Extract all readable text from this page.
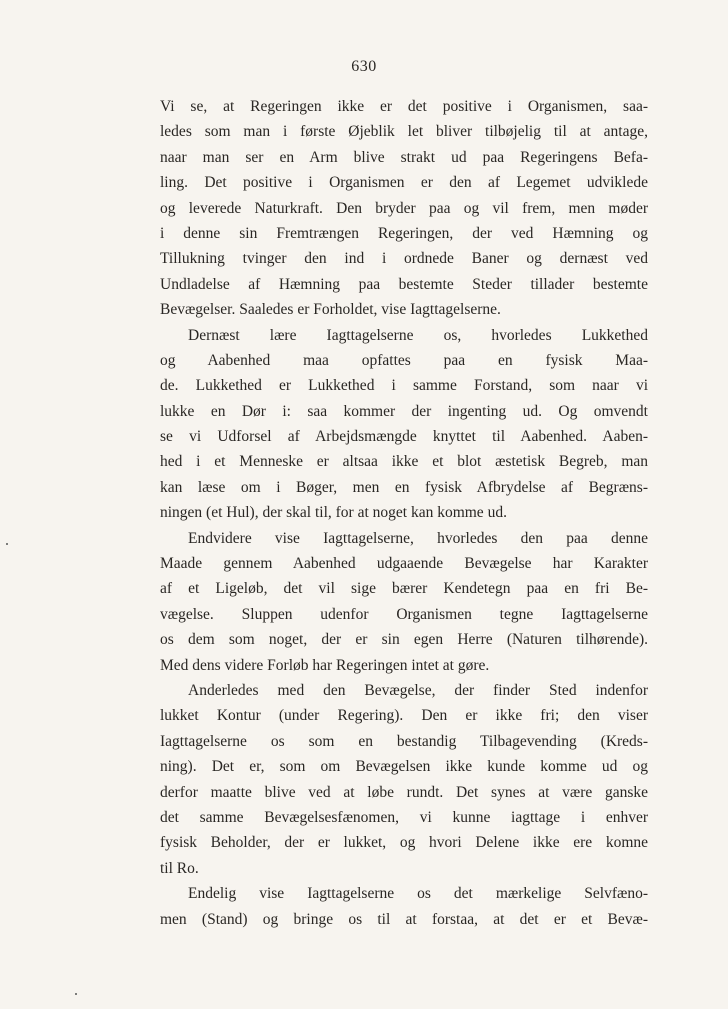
630
Vi se, at Regeringen ikke er det positive i Organismen, saa-
ledes som man i første Øjeblik let bliver tilbøjelig til at antage,
naar man ser en Arm blive strakt ud paa Regeringens Befa-
ling. Det positive i Organismen er den af Legemet udviklede
og leverede Naturkraft. Den bryder paa og vil frem, men møder
i denne sin Fremtrængen Regeringen, der ved Hæmning og
Tillukning tvinger den ind i ordnede Baner og dernæst ved
Undladelse af Hæmning paa bestemte Steder tillader bestemte
Bevægelser. Saaledes er Forholdet, vise Iagttagelserne.
Dernæst lære Iagttagelserne os, hvorledes Lukkethed
og Aabenhed maa opfattes paa en fysisk Maa-
de. Lukkethed er Lukkethed i samme Forstand, som naar vi
lukke en Dør i: saa kommer der ingenting ud. Og omvendt
se vi Udforsel af Arbejdsmængde knyttet til Aabenhed. Aaben-
hed i et Menneske er altsaa ikke et blot æstetisk Begreb, man
kan læse om i Bøger, men en fysisk Afbrydelse af Begræns-
ningen (et Hul), der skal til, for at noget kan komme ud.
Endvidere vise Iagttagelserne, hvorledes den paa denne
Maade gennem Aabenhed udgaaende Bevægelse har Karakter
af et Ligeløb, det vil sige bærer Kendetegn paa en fri Be-
vægelse. Sluppen udenfor Organismen tegne Iagttagelserne
os dem som noget, der er sin egen Herre (Naturen tilhørende).
Med dens videre Forløb har Regeringen intet at gøre.
Anderledes med den Bevægelse, der finder Sted indenfor
lukket Kontur (under Regering). Den er ikke fri; den viser
Iagttagelserne os som en bestandig Tilbagevending (Kreds-
ning). Det er, som om Bevægelsen ikke kunde komme ud og
derfor maatte blive ved at løbe rundt. Det synes at være ganske
det samme Bevægelsesfænomen, vi kunne iagttage i enhver
fysisk Beholder, der er lukket, og hvori Delene ikke ere komne
til Ro.
Endelig vise Iagttagelserne os det mærkelige Selvfæno-
men (Stand) og bringe os til at forstaa, at det er et Bevæ-
